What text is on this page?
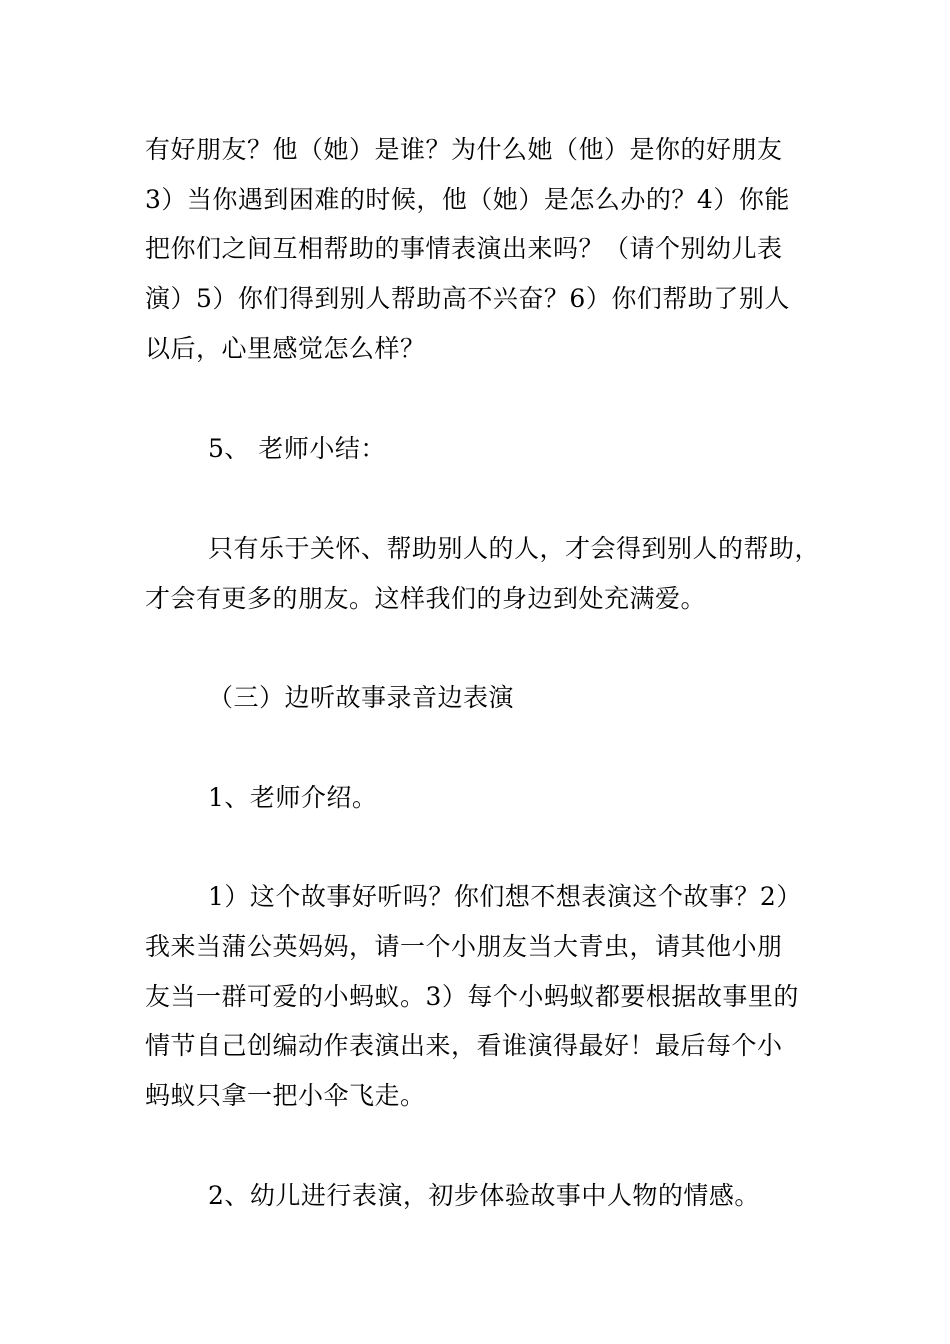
有好朋友？他（她）是谁？为什么她（他）是你的好朋友
3）当你遇到困难的时候，他（她）是怎么办的？4）你能
把你们之间互相帮助的事情表演出来吗？（请个别幼儿表
演）5）你们得到别人帮助高不兴奋？6）你们帮助了别人
以后，心里感觉怎么样？
5、 老师小结：
只有乐于关怀、帮助别人的人，才会得到别人的帮助，
才会有更多的朋友。这样我们的身边到处充满爱。
（三）边听故事录音边表演
1、老师介绍。
1）这个故事好听吗？你们想不想表演这个故事？2）
我来当蒲公英妈妈，请一个小朋友当大青虫，请其他小朋
友当一群可爱的小蚂蚁。3）每个小蚂蚁都要根据故事里的
情节自己创编动作表演出来，看谁演得最好！最后每个小
蚂蚁只拿一把小伞飞走。
2、幼儿进行表演，初步体验故事中人物的情感。
